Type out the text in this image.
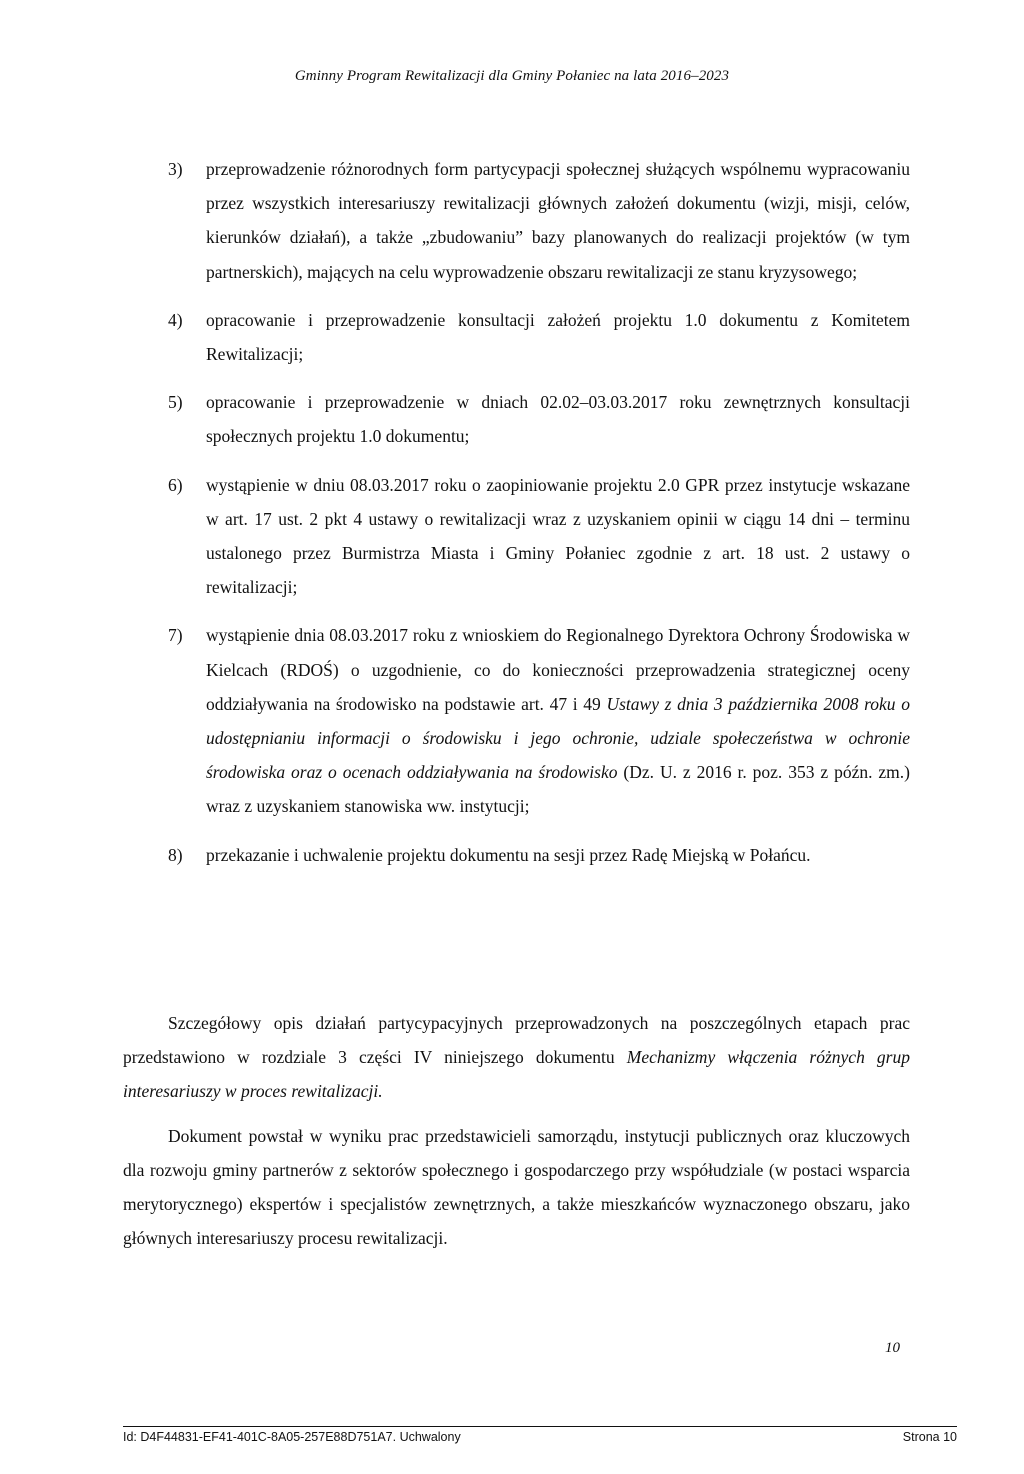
Gminny Program Rewitalizacji dla Gminy Połaniec na lata 2016–2023
3) przeprowadzenie różnorodnych form partycypacji społecznej służących wspólnemu wypracowaniu przez wszystkich interesariuszy rewitalizacji głównych założeń dokumentu (wizji, misji, celów, kierunków działań), a także „zbudowaniu” bazy planowanych do realizacji projektów (w tym partnerskich), mających na celu wyprowadzenie obszaru rewitalizacji ze stanu kryzysowego;
4) opracowanie i przeprowadzenie konsultacji założeń projektu 1.0 dokumentu z Komitetem Rewitalizacji;
5) opracowanie i przeprowadzenie w dniach 02.02–03.03.2017 roku zewnętrznych konsultacji społecznych projektu 1.0 dokumentu;
6) wystąpienie w dniu 08.03.2017 roku o zaopiniowanie projektu 2.0 GPR przez instytucje wskazane w art. 17 ust. 2 pkt 4 ustawy o rewitalizacji wraz z uzyskaniem opinii w ciągu 14 dni – terminu ustalonego przez Burmistrza Miasta i Gminy Połaniec zgodnie z art. 18 ust. 2 ustawy o rewitalizacji;
7) wystąpienie dnia 08.03.2017 roku z wnioskiem do Regionalnego Dyrektora Ochrony Środowiska w Kielcach (RDOŚ) o uzgodnienie, co do konieczności przeprowadzenia strategicznej oceny oddziaływania na środowisko na podstawie art. 47 i 49 Ustawy z dnia 3 października 2008 roku o udostępnianiu informacji o środowisku i jego ochronie, udziale społeczeństwa w ochronie środowiska oraz o ocenach oddziaływania na środowisko (Dz. U. z 2016 r. poz. 353 z późn. zm.) wraz z uzyskaniem stanowiska ww. instytucji;
8) przekazanie i uchwalenie projektu dokumentu na sesji przez Radę Miejską w Połańcu.

Szczegółowy opis działań partycypacyjnych przeprowadzonych na poszczególnych etapach prac przedstawiono w rozdziale 3 części IV niniejszego dokumentu Mechanizmy włączenia różnych grup interesariuszy w proces rewitalizacji.

Dokument powstał w wyniku prac przedstawicieli samorządu, instytucji publicznych oraz kluczowych dla rozwoju gminy partnerów z sektorów społecznego i gospodarczego przy współudziale (w postaci wsparcia merytorycznego) ekspertów i specjalistów zewnętrznych, a także mieszkańców wyznaczonego obszaru, jako głównych interesariuszy procesu rewitalizacji.

10
Id: D4F44831-EF41-401C-8A05-257E88D751A7. Uchwalony	Strona 10
